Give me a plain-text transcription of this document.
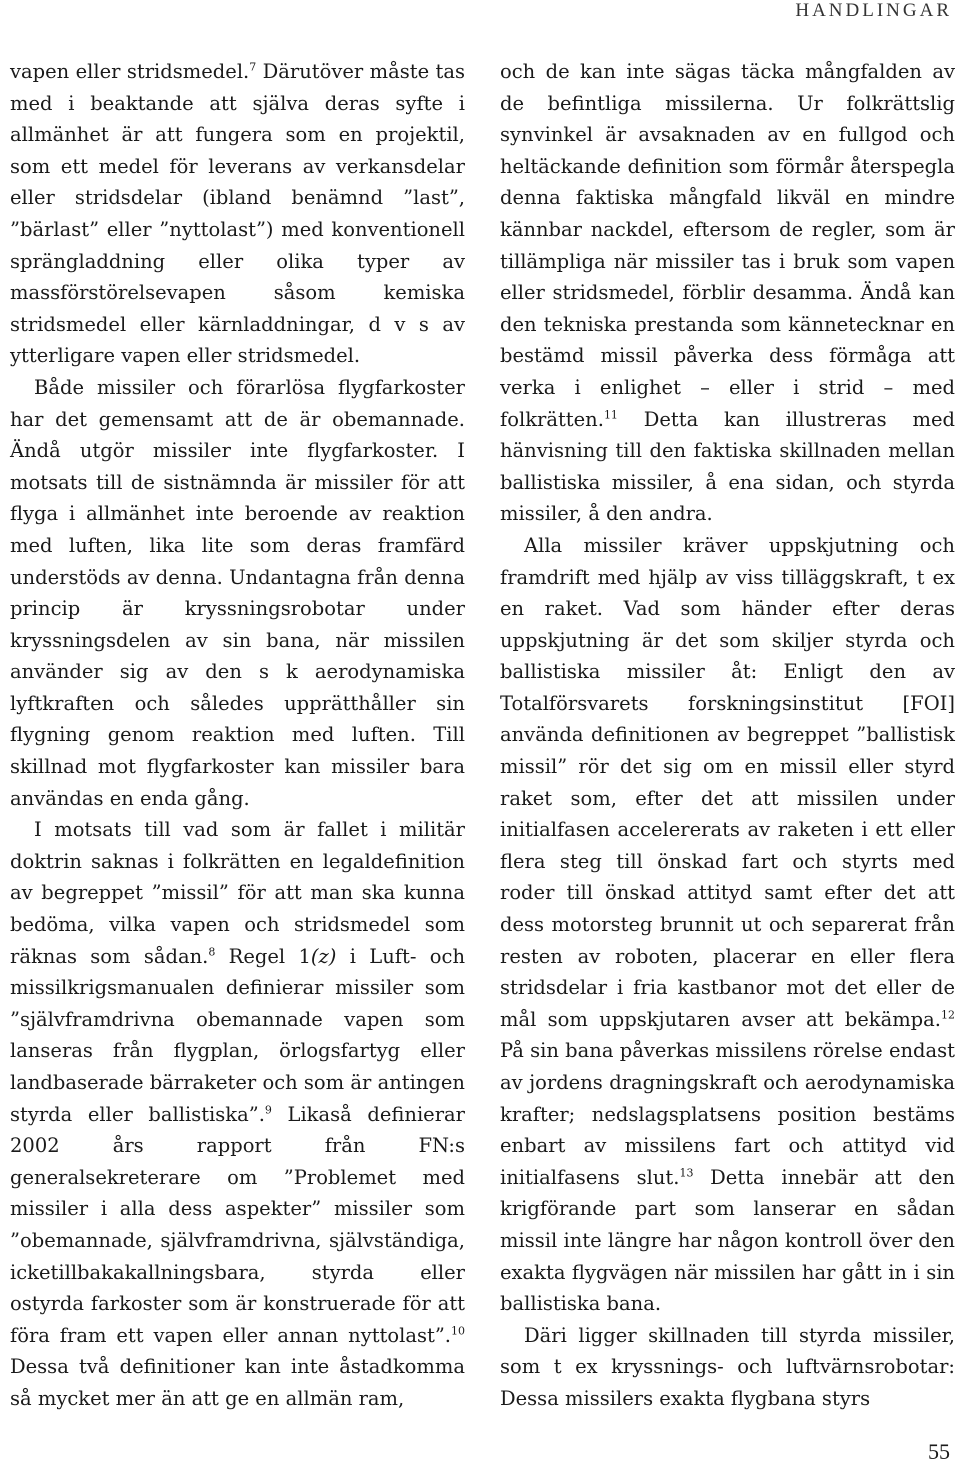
HANDLINGAR

vapen eller stridsmedel.$^7$ Därutöver måste tas med i beaktande att själva deras syfte i allmänhet är att fungera som en projektil, som ett medel för leverans av verkansdelar eller stridsdelar (ibland benämnd ”last”, ”bärlast” eller ”nyttolast”) med konventionell sprängladdning eller olika typer av massförstörelsevapen såsom kemiska stridsmedel eller kärnladdningar, d v s av ytterligare vapen eller stridsmedel.

Både missiler och förarlösa flygfarkoster har det gemensamt att de är obemannade. Ändå utgör missiler inte flygfarkoster. I motsats till de sistnämnda är missiler för att flyga i allmänhet inte beroende av reaktion med luften, lika lite som deras framfärd understöds av denna. Undantagna från denna princip är kryssningsrobotar under kryssningsdelen av sin bana, när missilen använder sig av den s k aerodynamiska lyftkraften och således upprätthåller sin flygning genom reaktion med luften. Till skillnad mot flygfarkoster kan missiler bara användas en enda gång.

I motsats till vad som är fallet i militär doktrin saknas i folkrätten en legaldefinition av begreppet ”missil” för att man ska kunna bedöma, vilka vapen och stridsmedel som räknas som sådan.$^8$ Regel 1(z) i Luft- och missilkrigsmanualen definierar missiler som ”självframdrivna obemannade vapen som lanseras från flygplan, örlogsfartyg eller landbaserade bärraketer och som är antingen styrda eller ballistiska”.$^9$ Likaså definierar 2002 års rapport från FN:s generalsekreterare om ”Problemet med missiler i alla dess aspekter” missiler som ”obemannade, självframdrivna, självständiga, icketillbakakallningsbara, styrda eller ostyrda farkoster som är konstruerade för att föra fram ett vapen eller annan nyttolast”.$^{10}$ Dessa två definitioner kan inte åstadkomma så mycket mer än att ge en allmän ram,

och de kan inte sägas täcka mångfalden av de befintliga missilerna. Ur folkrättslig synvinkel är avsaknaden av en fullgod och heltäckande definition som förmår återspegla denna faktiska mångfald likväl en mindre kännbar nackdel, eftersom de regler, som är tillämpliga när missiler tas i bruk som vapen eller stridsmedel, förblir desamma. Ändå kan den tekniska prestanda som kännetecknar en bestämd missil påverka dess förmåga att verka i enlighet – eller i strid – med folkrätten.$^{11}$ Detta kan illustreras med hänvisning till den faktiska skillnaden mellan ballistiska missiler, å ena sidan, och styrda missiler, å den andra.

Alla missiler kräver uppskjutning och framdrift med hjälp av viss tilläggskraft, t ex en raket. Vad som händer efter deras uppskjutning är det som skiljer styrda och ballistiska missiler åt: Enligt den av Totalförsvarets forskningsinstitut [FOI] använda definitionen av begreppet ”ballistisk missil” rör det sig om en missil eller styrd raket som, efter det att missilen under initialfasen accelererats av raketen i ett eller flera steg till önskad fart och styrts med roder till önskad attityd samt efter det att dess motorsteg brunnit ut och separerat från resten av roboten, placerar en eller flera stridsdelar i fria kastbanor mot det eller de mål som uppskjutaren avser att bekämpa.$^{12}$ På sin bana påverkas missilens rörelse endast av jordens dragningskraft och aerodynamiska krafter; nedslagsplatsens position bestäms enbart av missilens fart och attityd vid initialfasens slut.$^{13}$ Detta innebär att den krigförande part som lanserar en sådan missil inte längre har någon kontroll över den exakta flygvägen när missilen har gått in i sin ballistiska bana.

Däri ligger skillnaden till styrda missiler, som t ex kryssnings- och luftvärnsrobotar: Dessa missilers exakta flygbana styrs

55
